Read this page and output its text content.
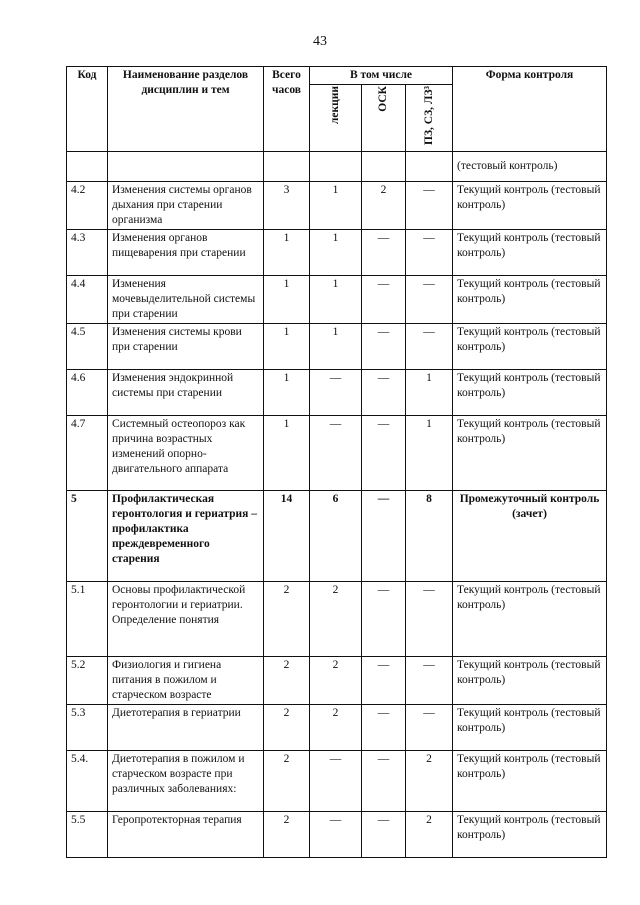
43
Код	Наименование разделов дисциплин и тем	Всего часов	В том числе			Форма контроля
			лекции	ОСК	ПЗ, СЗ, ЛЗ³	
						(тестовый контроль)
4.2	Изменения системы органов дыхания при старении организма	3	1	2	—	Текущий контроль (тестовый контроль)
4.3	Изменения органов пищеварения при старении	1	1	—	—	Текущий контроль (тестовый контроль)
4.4	Изменения мочевыделительной системы при старении	1	1	—	—	Текущий контроль (тестовый контроль)
4.5	Изменения системы крови при старении	1	1	—	—	Текущий контроль (тестовый контроль)
4.6	Изменения эндокринной системы при старении	1	—	—	1	Текущий контроль (тестовый контроль)
4.7	Системный остеопороз как причина возрастных изменений опорно-двигательного аппарата	1	—	—	1	Текущий контроль (тестовый контроль)
5	Профилактическая геронтология и гериатрия – профилактика преждевременного старения	14	6	—	8	Промежуточный контроль (зачет)
5.1	Основы профилактической геронтологии и гериатрии. Определение понятия	2	2	—	—	Текущий контроль (тестовый контроль)
5.2	Физиология и гигиена питания в пожилом и старческом возрасте	2	2	—	—	Текущий контроль (тестовый контроль)
5.3	Диетотерапия в гериатрии	2	2	—	—	Текущий контроль (тестовый контроль)
5.4.	Диетотерапия в пожилом и старческом возрасте при различных заболеваниях:	2	—	—	2	Текущий контроль (тестовый контроль)
5.5	Геропротекторная терапия	2	—	—	2	Текущий контроль (тестовый контроль)
